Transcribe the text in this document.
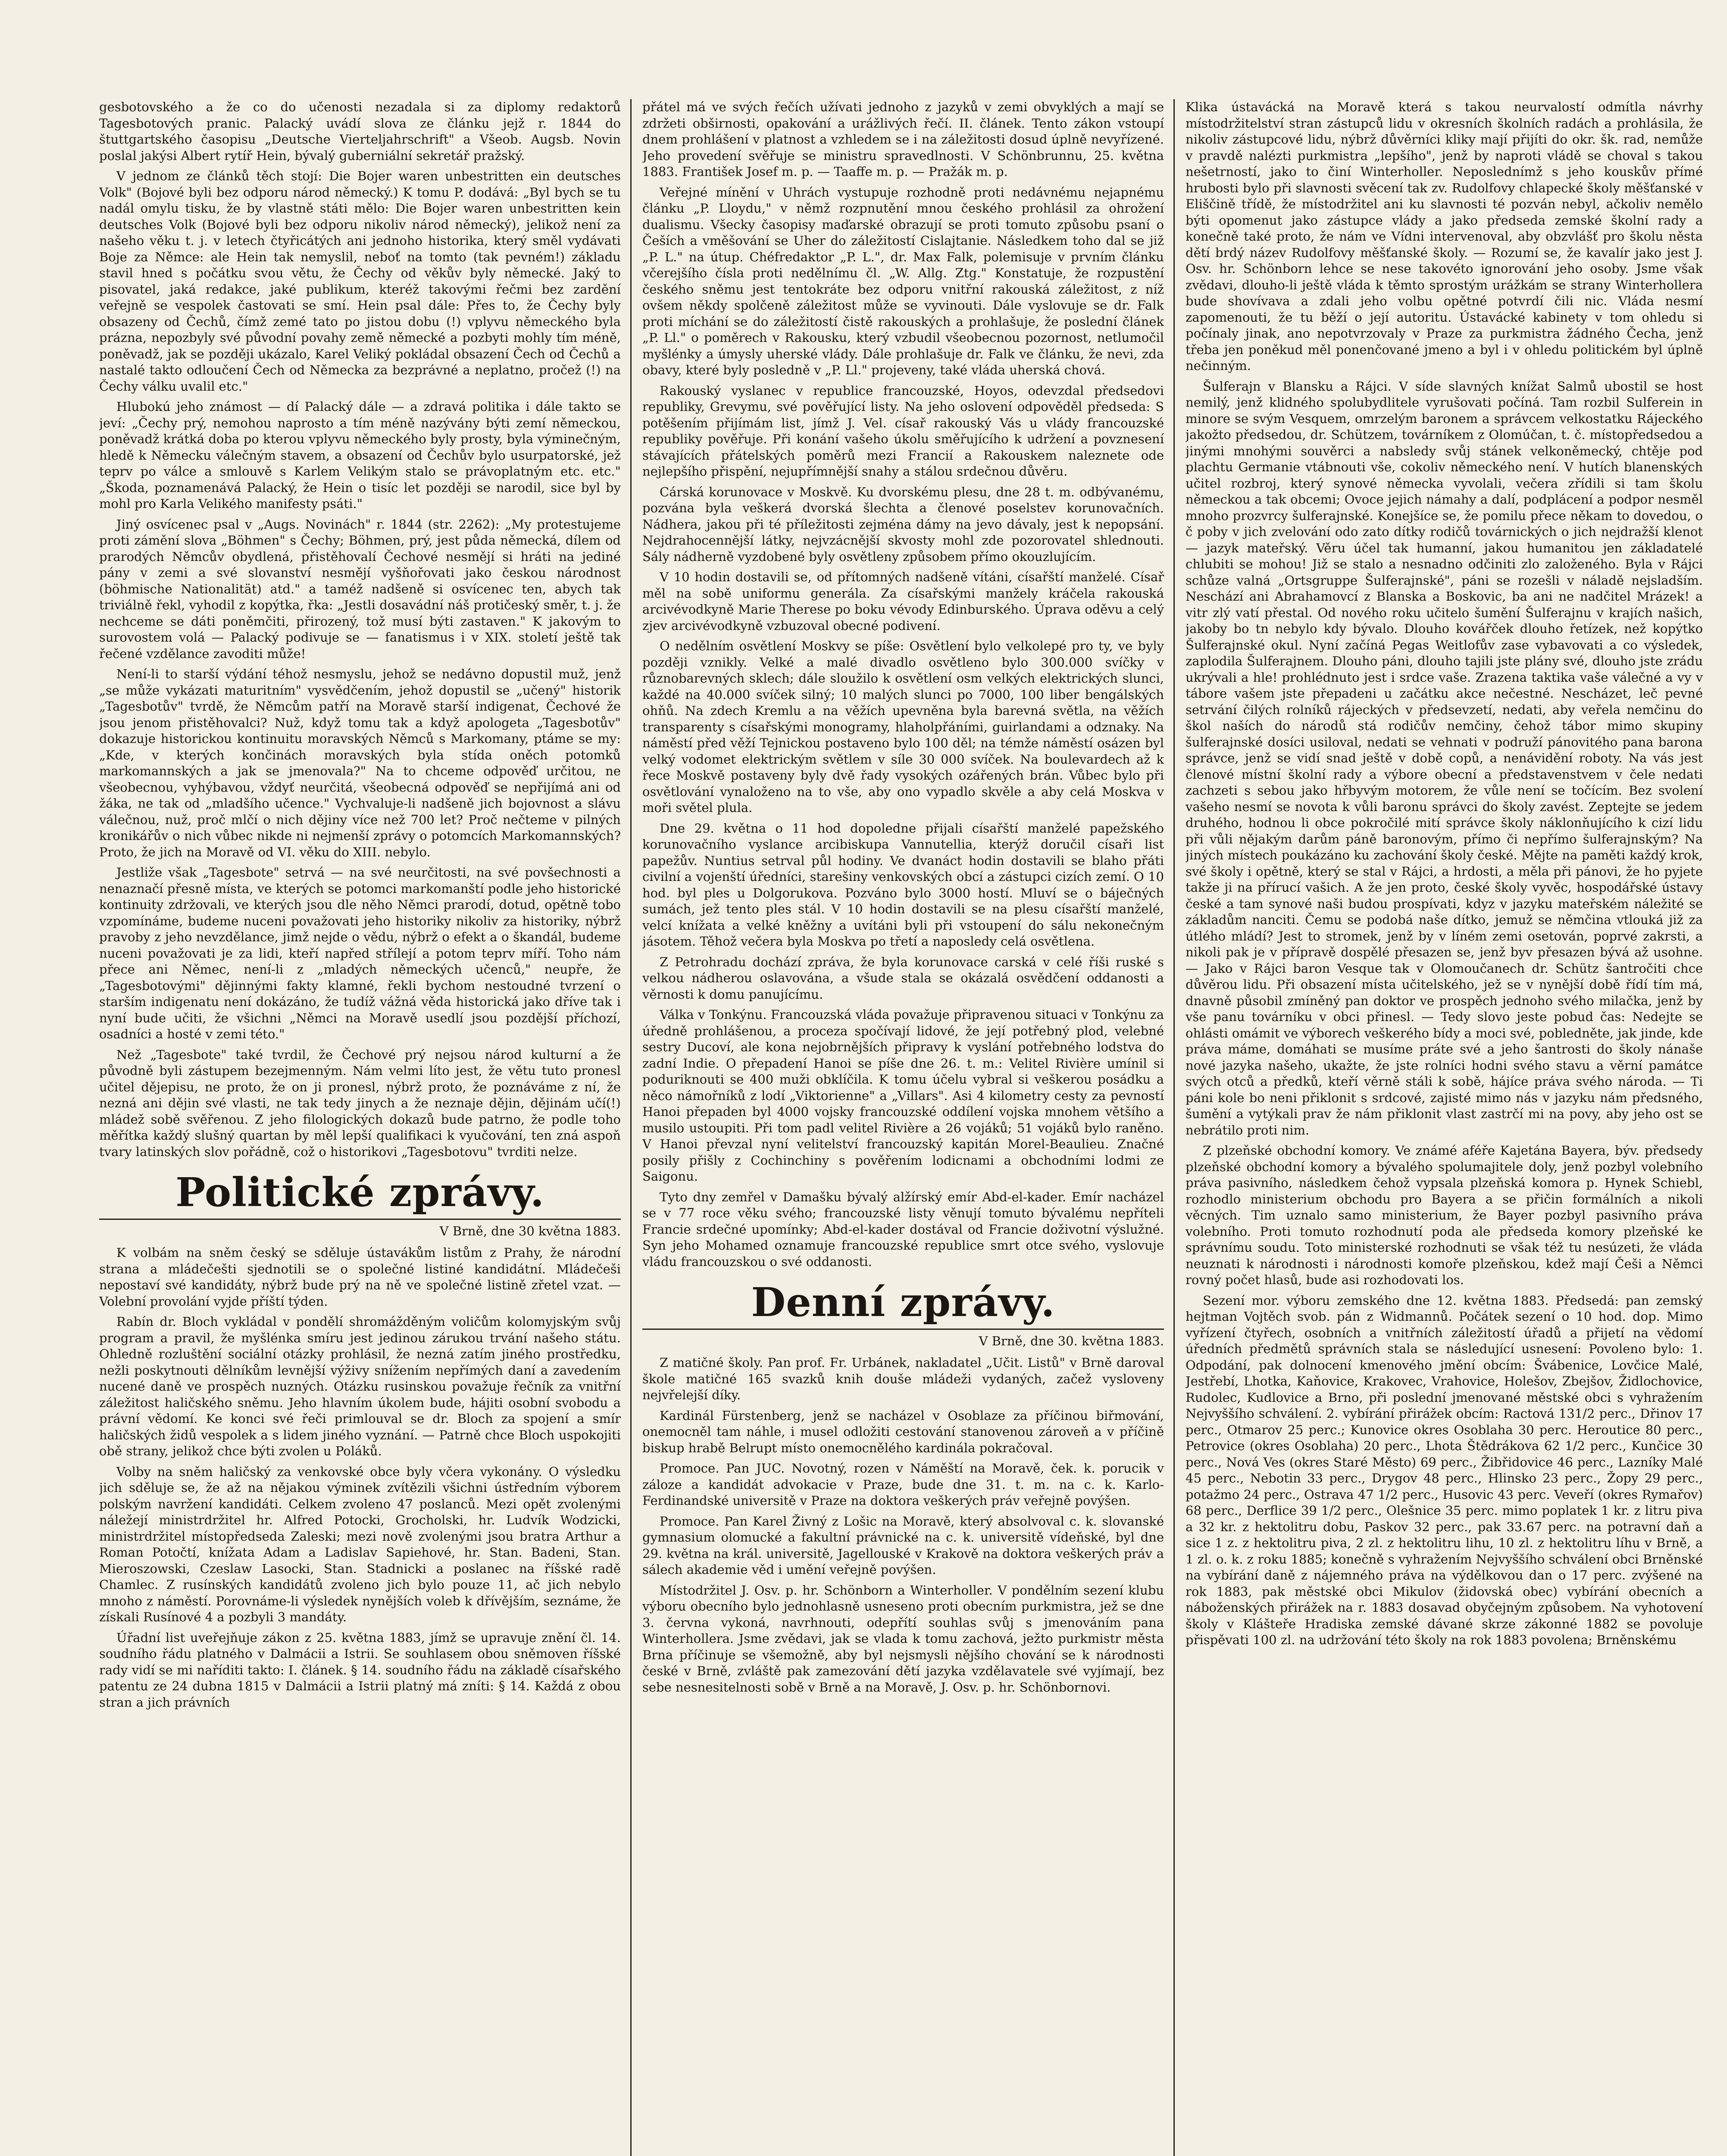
gesbotovského a že co do učenosti nezadala si za diplomy redaktorů Tagesbotových pranic. Palacký uvádí slova ze článku jejž r. 1844 do štuttgartského časopisu „Deutsche Vierteljahrschrift" a Všeob. Augsb. Novin poslal jakýsi Albert rytíř Hein, bývalý guberniální sekretář pražský.

V jednom ze článků těch stojí: Die Bojer waren unbestritten ein deutsches Volk" (Bojové byli bez odporu národ německý.) K tomu P. dodává: „Byl bych se tu nadál omylu tisku, že by vlastně státi mělo: Die Bojer waren unbestritten kein deutsches Volk (Bojové byli bez odporu nikoliv národ německý), jelikož není za našeho věku t. j. v letech čtyřicátých ani jednoho historika, který směl vydávati Boje za Němce: ale Hein tak nemyslil, neboť na tomto (tak pevném!) základu stavil hned s počátku svou větu, že Čechy od věkův byly německé. Jaký to pisovatel, jaká redakce, jaké publikum, kteréž takovými řečmi bez zardění veřejně se vespolek častovati se smí. Hein psal dále: Přes to, že Čechy byly obsazeny od Čechů, čímž zemé tato po jistou dobu (!) vplyvu německého byla prázna, nepozbyly své původní povahy země německé a pozbyti mohly tím méně, poněvadž, jak se později ukázalo, Karel Veliký pokládal obsazení Čech od Čechů a nastalé takto odloučení Čech od Německa za bezprávné a neplatno, pročež (!) na Čechy válku uvalil etc."

Hlubokú jeho známost — dí Palacký dále — a zdravá politika i dále takto se jeví: „Čechy prý, nemohou naprosto a tím méně nazývány býti zemí německou, poněvadž krátká doba po kterou vplyvu německého byly prosty, byla výminečným, hledě k Německu válečným stavem, a obsazení od Čechův bylo usurpatorské, jež teprv po válce a smlouvě s Karlem Velikým stalo se právoplatným etc. etc." „Škoda, poznamenává Palacký, že Hein o tisíc let později se narodil, sice byl by mohl pro Karla Velikého manifesty psáti."

Jiný osvícenec psal v „Augs. Novinách" r. 1844 (str. 2262): „My protestujeme proti zámění slova „Böhmen" s Čechy; Böhmen, prý, jest půda německá, dílem od prarodých Němcův obydlená, přistěhovalí Čechové nesmějí si hráti na jediné pány v zemi a své slovanství nesmějí vyšňořovati jako českou národnost (böhmische Nationalität) atd." a taméž nadšeně si osvícenec ten, abych tak triviálně řekl, vyhodil z kopýtka, řka: „Jestli dosavádní náš protičeský směr, t. j. že nechceme se dáti poněmčiti, přirozený, tož musí býti zastaven." K jakovým to surovostem volá — Palacký podivuje se — fanatismus i v XIX. století ještě tak řečené vzdělance zavoditi může!

Není-li to starší výdání téhož nesmyslu, jehož se nedávno dopustil muž, jenž „se může vykázati maturitním" vysvědčením, jehož dopustil se „učený" historik „Tagesbotův" tvrdě, že Němcům patří na Moravě starší indigenat, Čechové že jsou jenom přistěhovalci? Nuž, když tomu tak a když apologeta „Tagesbotův" dokazuje historickou kontinuitu moravských Němců s Markomany, ptáme se my: „Kde, v kterých končinách moravských byla stída oněch potomků markomannských a jak se jmenovala?" Na to chceme odpověď určitou, ne všeobecnou, vyhýbavou, vždyť neurčitá, všeobecná odpověď se nepřijímá ani od žáka, ne tak od „mladšího učence." Vychvaluje-li nadšeně jich bojovnost a slávu válečnou, nuž, proč mlčí o nich dějiny více než 700 let? Proč nečteme v pilných kronikářův o nich vůbec nikde ni nejmenší zprávy o potomcích Markomannských? Proto, že jich na Moravě od VI. věku do XIII. nebylo.

Jestliže však „Tagesbote" setrvá — na své neurčitosti, na své povšechnosti a nenaznačí přesně místa, ve kterých se potomci markomanští podle jeho historické kontinuity zdržovali, ve kterých jsou dle něho Němci prarodí, dotud, opětně tobo vzpomínáme, budeme nuceni považovati jeho historiky nikoliv za historiky, nýbrž pravoby z jeho nevzdělance, jimž nejde o vědu, nýbrž o efekt a o škandál, budeme nuceni považovati je za lidi, kteří napřed střílejí a potom teprv míří. Toho nám přece ani Němec, není-li z „mladých německých učenců," neupře, že „Tagesbotovými" dějinnými fakty klamné, řekli bychom nestoudné tvrzení o starším indigenatu není dokázáno, že tudíž vážná věda historická jako dříve tak i nyní bude učiti, že všichni „Němci na Moravě usedlí jsou pozdější příchozí, osadníci a hosté v zemi této."

Než „Tagesbote" také tvrdil, že Čechové prý nejsou národ kulturní a že původně byli zástupem bezejmenným. Nám velmi líto jest, že větu tuto pronesl učitel dějepisu, ne proto, že on ji pronesl, nýbrž proto, že poznáváme z ní, že nezná ani dějin své vlasti, ne tak tedy jinych a že neznaje dějin, dějinám učí(!) mládež sobě svěřenou. Z jeho filologických dokazů bude patrno, že podle toho měřítka každý slušný quartan by měl lepší qualifikaci k vyučování, ten zná aspoň tvary latinských slov pořádně, což o historikovi „Tagesbotovu" tvrditi nelze.

Politické zprávy.
V Brně, dne 30 května 1883.

K volbám na sněm český se sděluje ústavákům listům z Prahy, že národní strana a mládečešti sjednotili se o společné listiné kandidátní. Mládečeši nepostaví své kandidáty, nýbrž bude prý na ně ve společné listině zřetel vzat. — Volební provolání vyjde příští týden.

Rabín dr. Bloch vykládal v pondělí shromážděným voličům kolomyjským svůj program a pravil, že myšlénka smíru jest jedinou zárukou trvání našeho státu. Ohledně rozluštění sociální otázky prohlásil, že nezná zatím jiného prostředku, nežli poskytnouti dělníkům levnější výživy snížením nepřímých daní a zavedením nucené daně ve prospěch nuzných. Otázku rusinskou považuje řečník za vnitřní záležitost haličského sněmu. Jeho hlavním úkolem bude, hájiti osobní svobodu a právní vědomí. Ke konci své řeči primlouval se dr. Bloch za spojení a smír haličských židů vespolek a s lidem jiného vyznání. — Patrně chce Bloch uspokojiti obě strany, jelikož chce býti zvolen u Poláků.

Volby na sněm haličský za venkovské obce byly včera vykonány. O výsledku jich sděluje se, že až na nějakou výminek zvítězili všichni ústředním výborem polským navržení kandidáti. Celkem zvoleno 47 poslanců. Mezi opět zvolenými náležejí ministrdržitel hr. Alfred Potocki, Grocholski, hr. Ludvík Wodzicki, ministrdržitel místopředseda Zaleski; mezi nově zvolenými jsou bratra Arthur a Roman Potočtí, knížata Adam a Ladislav Sapiehové, hr. Stan. Badeni, Stan. Mieroszowski, Czeslaw Lasocki, Stan. Stadnicki a poslanec na říšské radě Chamlec. Z rusínských kandidátů zvoleno jich bylo pouze 11, ač jich nebylo mnoho z náměstí. Porovnáme-li výsledek nynějších voleb k dřívějším, seznáme, že získali Rusínové 4 a pozbyli 3 mandáty.

Úřadní list uveřejňuje zákon z 25. května 1883, jímž se upravuje znění čl. 14. soudního řádu platného v Dalmácii a Istrii. Se souhlasem obou sněmoven říšské rady vidí se mi naříditi takto: I. článek. § 14. soudního řádu na základě císařského patentu ze 24 dubna 1815 v Dalmácii a Istrii platný má zníti: § 14. Každá z obou stran a jich právních

přátel má ve svých řečích užívati jednoho z jazyků v zemi obvyklých a mají se zdržeti obširnosti, opakování a urážlivých řečí. II. článek. Tento zákon vstoupí dnem prohlášení v platnost a vzhledem se i na záležitosti dosud úplně nevyřízené. Jeho provedení svěřuje se ministru spravedlnosti. V Schönbrunnu, 25. května 1883. František Josef m. p. — Taaffe m. p. — Pražák m. p.

Veřejné mínění v Uhrách vystupuje rozhodně proti nedávnému nejapnému článku „P. Lloydu," v němž rozpnutění mnou českého prohlásil za ohrožení dualismu. Všecky časopisy maďarské obrazují se proti tomuto způsobu psaní o Češích a vměšování se Uher do záležitostí Cislajtanie. Následkem toho dal se již „P. L." na útup. Chéfredaktor „P. L.", dr. Max Falk, polemisuje v prvním článku včerejšího čísla proti nedělnímu čl. „W. Allg. Ztg." Konstatuje, že rozpustění českého sněmu jest tentokráte bez odporu vnitřní rakouská záležitost, z níž ovšem někdy spolčeně záležitost může se vyvinouti. Dále vyslovuje se dr. Falk proti míchání se do záležitostí čistě rakouských a prohlašuje, že poslední článek „P. Ll." o poměrech v Rakousku, který vzbudil všeobecnou pozornost, netlumočil myšlénky a úmysly uherské vlády. Dále prohlašuje dr. Falk ve článku, že nevi, zda obavy, které byly posledně v „P. Ll." projeveny, také vláda uherská chová.

Rakouský vyslanec v republice francouzské, Hoyos, odevzdal předsedovi republiky, Grevymu, své pověřující listy. Na jeho oslovení odpověděl předseda: S potěšením přijímám list, jímž J. Vel. císař rakouský Vás u vlády francouzské republiky pověřuje. Při konání vašeho úkolu směřujícího k udržení a povznesení stávajících přátelských poměrů mezi Francií a Rakouskem naleznete ode nejlepšího přispění, nejupřímnější snahy a stálou srdečnou důvěru.

Cárská korunovace v Moskvě. Ku dvorskému plesu, dne 28 t. m. odbývanému, pozvána byla veškerá dvorská šlechta a členové poselstev korunovačních. Nádhera, jakou při té příležitosti zejména dámy na jevo dávaly, jest k nepopsání. Nejdrahocennější látky, nejvzácnější skvosty mohl zde pozorovatel shlednouti. Sály nádherně vyzdobené byly osvětleny způsobem přímo okouzlujícím.

V 10 hodin dostavili se, od přítomných nadšeně vítáni, císařští manželé. Císař měl na sobě uniformu generála. Za císařskými manžely kráčela rakouská arcivévodkyně Marie Therese po boku vévody Edinburského. Úprava oděvu a celý zjev arcivévodkyně vzbuzoval obecné podivení.

O nedělním osvětlení Moskvy se píše: Osvětlení bylo velkolepé pro ty, ve byly později vznikly. Velké a malé divadlo osvětleno bylo 300.000 svíčky v různobarevných sklech; dále sloužilo k osvětlení osm velkých elektrických slunci, každé na 40.000 svíček silný; 10 malých slunci po 7000, 100 liber bengálských ohňů. Na zdech Kremlu a na věžích upevněna byla barevná světla, na věžích transparenty s císařskými monogramy, hlaholpřáními, guirlandami a odznaky. Na náměstí před věží Tejnickou postaveno bylo 100 děl; na témže náměstí osázen byl velký vodomet elektrickým světlem v síle 30 000 svíček. Na boulevardech až k řece Moskvě postaveny byly dvě řady vysokých ozářených brán. Vůbec bylo při osvětlování vynaloženo na to vše, aby ono vypadlo skvěle a aby celá Moskva v moři světel plula.

Dne 29. května o 11 hod dopoledne přijali císařští manželé papežského korunovačního vyslance arcibiskupa Vannutellia, kterýž doručil císaři list papežův. Nuntius setrval půl hodiny. Ve dvanáct hodin dostavili se blaho přáti civilní a vojenští úředníci, starešiny venkovských obcí a zástupci cizích zemí. O 10 hod. byl ples u Dolgorukova. Pozváno bylo 3000 hostí. Mluví se o báječných sumách, jež tento ples stál. V 10 hodin dostavili se na plesu císařští manželé, velcí knížata a velké kněžny a uvítáni byli při vstoupení do sálu nekonečným jásotem. Těhož večera byla Moskva po třetí a naposledy celá osvětlena.

Z Petrohradu dochází zpráva, že byla korunovace carská v celé říši ruské s velkou nádherou oslavována, a všude stala se okázalá osvědčení oddanosti a věrnosti k domu panujícímu.

Válka v Tonkýnu. Francouzská vláda považuje připravenou situaci v Tonkýnu za úředně prohlášenou, a proceza spočívají lidové, že její potřebný plod, velebné sestry Ducoví, ale kona nejobrnějších připravy k vyslání potřebného lodstva do zadní Indie. O přepadení Hanoi se píše dne 26. t. m.: Velitel Rivière umínil si poduriknouti se 400 muži obklíčila. K tomu účelu vybral si veškerou posádku a něco námořníků z lodí „Viktorienne" a „Villars". Asi 4 kilometry cesty za pevností Hanoi přepaden byl 4000 vojsky francouzské oddílení vojska mnohem většího a musilo ustoupiti. Při tom padl velitel Rivière a 26 vojáků; 51 vojáků bylo raněno. V Hanoi převzal nyní velitelství francouzský kapitán Morel-Beaulieu. Značné posily přišly z Cochinchiny s pověřením lodicnami a obchodními lodmi ze Saigonu.

Tyto dny zemřel v Damašku bývalý alžírský emír Abd-el-kader. Emír nacházel se v 77 roce věku svého; francouzské listy věnují tomuto bývalému nepříteli Francie srdečné upomínky; Abd-el-kader dostával od Francie doživotní výslužné. Syn jeho Mohamed oznamuje francouzské republice smrt otce svého, vyslovuje vládu francouzskou o své oddanosti.

Denní zprávy.
V Brně, dne 30. května 1883.

Z matičné školy. Pan prof. Fr. Urbánek, nakladatel „Učit. Listů" v Brně daroval škole matičné 165 svazků knih douše mládeži vydaných, začež vysloveny nejvřelejší díky.

Kardinál Fürstenberg, jenž se nacházel v Osoblaze za příčinou biřmování, onemocněl tam náhle, i musel odložiti cestování stanovenou zároveň a v příčině biskup hrabě Belrupt místo onemocnělého kardinála pokračoval.

Promoce. Pan JUC. Novotný, rozen v Náměští na Moravě, ček. k. porucik v záloze a kandidát advokacie v Praze, bude dne 31. t. m. na c. k. Karlo-Ferdinandské universitě v Praze na doktora veškerých práv veřejně povýšen.

Promoce. Pan Karel Živný z Lošic na Moravě, který absolvoval c. k. slovanské gymnasium olomucké a fakultní právnické na c. k. universitě vídeňské, byl dne 29. května na král. universitě, Jagellouské v Krakově na doktora veškerých práv a sálech akademie věd i umění veřejně povýšen.

Místodržitel J. Osv. p. hr. Schönborn a Winterholler. V pondělním sezení klubu výboru obecního bylo jednohlasně usneseno proti obecním purkmistra, jež se dne 3. června vykoná, navrhnouti, odepřítí souhlas svůj s jmenováním pana Winterhollera. Jsme zvědavi, jak se vlada k tomu zachová, ježto purkmistr města Brna příčinuje se všemožně, aby byl nejsmysli nějšího chování se k národnosti české v Brně, zvláště pak zamezování dětí jazyka vzdělavatele své vyjímají, bez sebe nesnesitelnosti sobě v Brně a na Moravě, J. Osv. p. hr. Schönbornovi.

Klika ústavácká na Moravě která s takou neurvalostí odmítla návrhy místodržitelství stran zástupců lidu v okresních školních radách a prohlásila, že nikoliv zástupcové lidu, nýbrž důvěrníci kliky mají přijíti do okr. šk. rad, nemůže v pravdě nalézti purkmistra „lepšího", jenž by naproti vládě se choval s takou nešetrností, jako to činí Winterholler. Neposlednímž s jeho kouskův přímé hrubosti bylo při slavnosti svěcení tak zv. Rudolfovy chlapecké školy měšťanské v Eliščině třídě, že místodržitel ani ku slavnosti té pozván nebyl, ačkoliv nemělo býti opomenut jako zástupce vlády a jako předseda zemské školní rady a konečně také proto, že nám ve Vídni intervenoval, aby obzvlášť pro školu něsta dětí brdý název Rudolfovy měšťanské školy. — Rozumí se, že kavalír jako jest J. Osv. hr. Schönborn lehce se nese takovéto ignorování jeho osoby. Jsme však zvědavi, dlouho-li ještě vláda k těmto sprostým urážkám se strany Winterhollera bude shovívava a zdali jeho volbu opětné potvrdí čili nic. Vláda nesmí zapomenouti, že tu běží o její autoritu. Ústavácké kabinety v tom ohledu si počínaly jinak, ano nepotvrzovaly v Praze za purkmistra žádného Čecha, jenž třeba jen poněkud měl ponenčované jmeno a byl i v ohledu politickém byl úplně nečinným.

Šulferajn v Blansku a Rájci. V síde slavných knížat Salmů ubostil se host nemilý, jenž klidného spolubydlitele vyrušovati počíná. Tam rozbil Sulferein in minore se svým Vesquem, omrzelým baronem a správcem velkostatku Rájeckého jakožto předsedou, dr. Schützem, továrníkem z Olomúčan, t. č. místopředsedou a jinými mnohými souvěrci a nabsledy svůj stánek velkoněmecký, chtěje pod plachtu Germanie vtábnouti vše, cokoliv německého není. V hutích blanenských učitel rozbroj, který synové německa vyvolali, večera zřídili si tam školu německou a tak obcemi; Ovoce jejich námahy a dalí, podplácení a podpor nesměl mnoho prozvrcy šulferajnské. Konejšíce se, že pomilu přece někam to dovedou, o č poby v jich zvelování odo zato dítky rodičů továrnických o jich nejdražší klenot — jazyk mateřský. Věru účel tak humanní, jakou humanitou jen základatelé chlubiti se mohou! Již se stalo a nesnadno odčiniti zlo založeného. Byla v Rájci schůze valná „Ortsgruppe Šulferajnské", páni se rozešli v náladě nejsladším. Neschází ani Abrahamovcí z Blanska a Boskovic, ba ani ne nadčitel Mrázek! a vitr zlý vatí přestal. Od nového roku učitelo šumění Šulferajnu v krajích našich, jakoby bo tn nebylo kdy bývalo. Dlouho kovářček dlouho řetízek, než kopýtko Šulferajnské okul. Nyní začíná Pegas Weitlofův zase vybavovati a co výsledek, zaplodila Šulferajnem. Dlouho páni, dlouho tajili jste plány své, dlouho jste zrádu ukrývali a hle! prohlédnuto jest i srdce vaše. Zrazena taktika vaše válečné a vy v tábore vašem jste přepadeni u začátku akce nečestné. Nescházet, leč pevné setrvání čilých rolníků rájeckých v předsevzetí, nedati, aby veřela nemčinu do škol naších do národů stá rodičův nemčiny, čehož tábor mimo skupiny šulferajnské dosíci usiloval, nedati se vehnati v podruží pánovitého pana barona správce, jenž se vidí snad ještě v době copů, a nenávidění roboty. Na vás jest členové místní školní rady a výbore obecní a představenstvem v čele nedati zachzeti s sebou jako hřbyvým motorem, že vůle není se točícím. Bez svolení vašeho nesmí se novota k vůli baronu správci do školy zavést. Zeptejte se jedem druhého, hodnou li obce pokročilé mití správce školy náklonňujícího k cizí lidu při vůli nějakým darům páně baronovým, přímo či nepřímo šulferajnským? Na jiných místech poukázáno ku zachování školy české. Mějte na paměti každý krok, své školy i opětně, který se stal v Rájci, a hrdosti, a měla při pánovi, že ho pyjete takže ji na přírucí vašich. A že jen proto, české školy vyvěc, hospodářské ústavy české a tam synové naši budou prospívati, kdyz v jazyku mateřském náležité se základům nanciti. Čemu se podobá naše dítko, jemuž se němčina vtlouká již za útlého mládí? Jest to stromek, jenž by v líném zemi osetován, poprvé zakrsti, a nikoli pak je v přípravě dospělé přesazen se, jenž byv přesazen bývá až usohne. — Jako v Rájci baron Vesque tak v Olomoučanech dr. Schütz šantročiti chce důvěrou lidu. Při obsazení místa učitelského, jež se v nynější době řídí tím má, dnavně působil zmíněný pan doktor ve prospěch jednoho svého milačka, jenž by vše panu továrníku v obci přinesl. — Tedy slovo jeste pobud čas: Nedejte se ohlásti omámit ve výborech veškerého bídy a moci své, pobledněte, jak jinde, kde práva máme, domáhati se musíme práte své a jeho šantrosti do školy nánaše nové jazyka našeho, ukažte, že jste rolníci hodni svého stavu a věrní památce svých otců a předků, kteří věrně stáli k sobě, hájíce práva svého národa. — Ti páni kole bo neni přiklonit s srdcové, zajisté mimo nás v jazyku nám předsného, šumění a vytýkali prav že nám přiklonit vlast zastrčí mi na povy, aby jeho ost se nebrátilo proti nim.

Z plzeňské obchodní komory. Ve známé aféře Kajetána Bayera, býv. předsedy plzeňské obchodní komory a bývalého spolumajitele doly, jenž pozbyl volebního práva pasivního, následkem čehož vypsala plzeňská komora p. Hynek Schiebl, rozhodlo ministerium obchodu pro Bayera a se přičin formálních a nikoli věcných. Tim uznalo samo ministerium, že Bayer pozbyl pasivního práva volebního. Proti tomuto rozhodnutí poda ale předseda komory plzeňské ke správnímu soudu. Toto ministerské rozhodnuti se však též tu nesúzeti, že vláda neuznati k národnosti i národnosti komoře plzeňskou, kdež mají Češi a Němci rovný počet hlasů, bude asi rozhodovati los.

Sezení mor. výboru zemského dne 12. května 1883. Předsedá: pan zemský hejtman Vojtěch svob. pán z Widmannů. Počátek sezení o 10 hod. dop. Mimo vyřízení čtyřech, osobních a vnitřních záležitostí úřadů a přijetí na vědomí úředních předmětů správních stala se následující usnesení: Povoleno bylo: 1. Odpodání, pak dolnocení kmenového jmění obcím: Švábenice, Lovčice Malé, Jestřebí, Lhotka, Kaňovice, Krakovec, Vrahovice, Holešov, Zbejšov, Židlochovice, Rudolec, Kudlovice a Brno, při poslední jmenované městské obci s vyhražením Nejvyššího schválení. 2. vybírání přirážek obcím: Ractová 131/2 perc., Dřinov 17 perc., Otmarov 25 perc.; Kunovice okres Osoblaha 30 perc. Heroutice 80 perc., Petrovice (okres Osoblaha) 20 perc., Lhota Štědrákova 62 1/2 perc., Kunčice 30 perc., Nová Ves (okres Staré Město) 69 perc., Žibřidovice 46 perc., Lazníky Malé 45 perc., Nebotin 33 perc., Drygov 48 perc., Hlinsko 23 perc., Žopy 29 perc., potažmo 24 perc., Ostrava 47 1/2 perc., Husovic 43 perc. Veveří (okres Rymařov) 68 perc., Derflice 39 1/2 perc., Olešnice 35 perc. mimo poplatek 1 kr. z litru piva a 32 kr. z hektolitru dobu, Paskov 32 perc., pak 33.67 perc. na potravní daň a sice 1 z. z hektolitru piva, 2 zl. z hektolitru lihu, 10 zl. z hektolitru líhu v Brně, a 1 zl. o. k. z roku 1885; konečně s vyhražením Nejvyššího schválení obci Brněnské na vybírání daně z nájemného práva na výdělkovou dan o 17 perc. zvýšené na rok 1883, pak městské obci Mikulov (židovská obec) vybírání obecních a náboženských přirážek na r. 1883 dosavad obyčejným způsobem. Na vyhotovení školy v Klášteře Hradiska zemské dávané skrze zákonné 1882 se povoluje přispěvati 100 zl. na udržování této školy na rok 1883 povolena; Brněnskému
